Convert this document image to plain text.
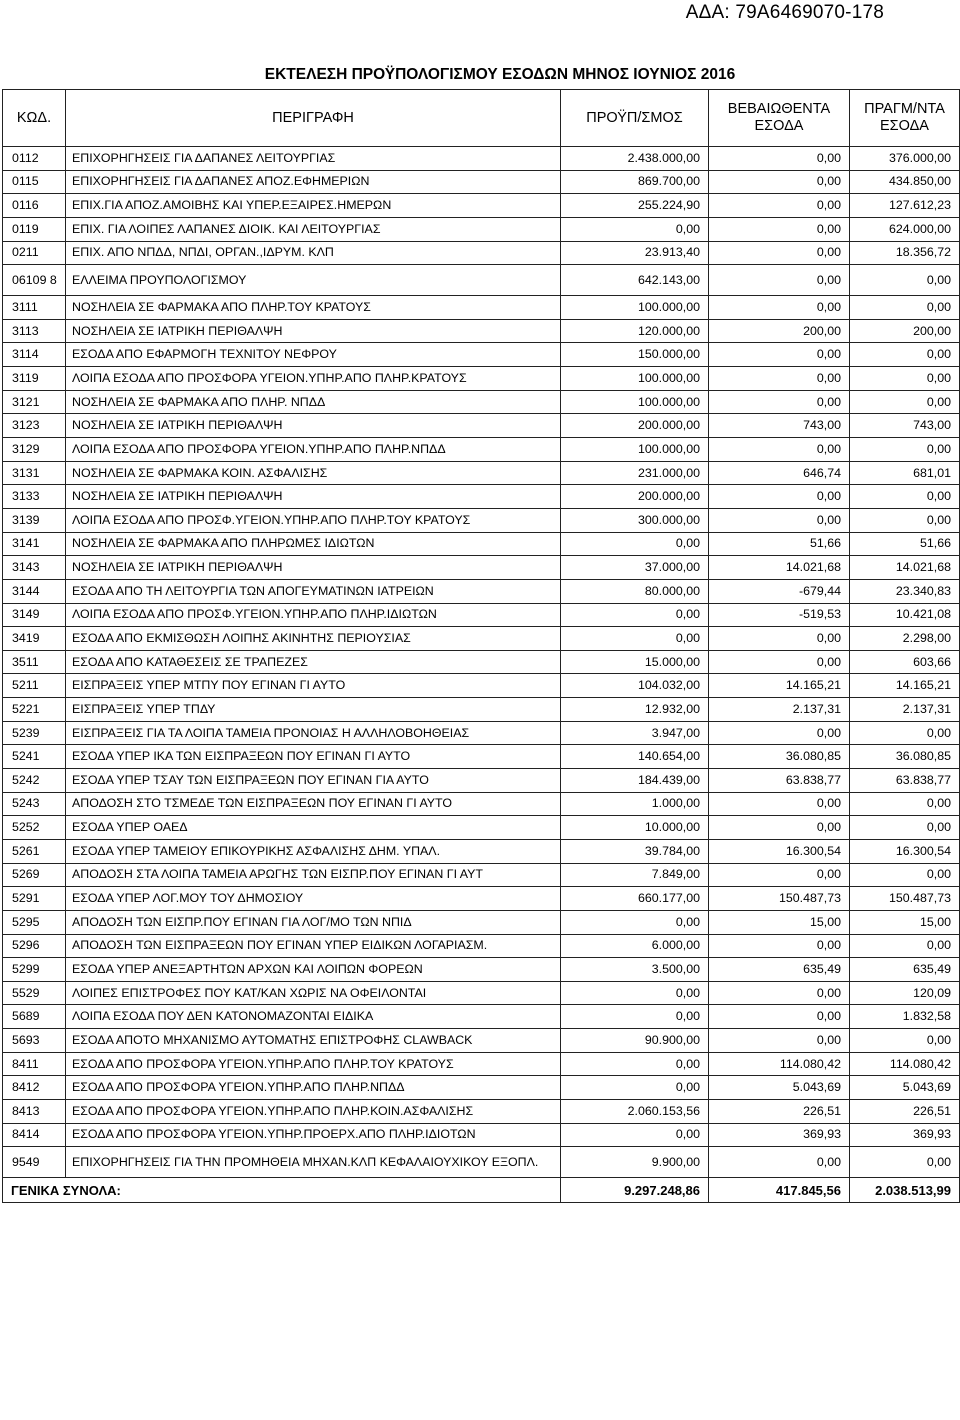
ΑΔΑ: 79Α6469070-178
ΕΚΤΕΛΕΣΗ ΠΡΟΫΠΟΛΟΓΙΣΜΟΥ ΕΣΟΔΩΝ ΜΗΝΟΣ ΙΟΥΝΙΟΣ 2016
ΚΩΔ.	ΠΕΡΙΓΡΑΦΗ	ΠΡΟΫΠ/ΣΜΟΣ	ΒΕΒΑΙΩΘΕΝΤΑ ΕΣΟΔΑ	ΠΡΑΓΜ/ΝΤΑ ΕΣΟΔΑ
0112	ΕΠΙΧΟΡΗΓΗΣΕΙΣ ΓΙΑ ΔΑΠΑΝΕΣ ΛΕΙΤΟΥΡΓΙΑΣ	2.438.000,00	0,00	376.000,00
0115	ΕΠΙΧΟΡΗΓΗΣΕΙΣ ΓΙΑ ΔΑΠΑΝΕΣ ΑΠΟΖ.ΕΦΗΜΕΡΙΩΝ	869.700,00	0,00	434.850,00
0116	ΕΠΙΧ.ΓΙΑ ΑΠΟΖ.ΑΜΟΙΒΗΣ ΚΑΙ ΥΠΕΡ.ΕΞΑΙΡΕΣ.ΗΜΕΡΩΝ	255.224,90	0,00	127.612,23
0119	ΕΠΙΧ. ΓΙΑ ΛΟΙΠΕΣ ΛΑΠΑΝΕΣ ΔΙΟΙΚ. ΚΑΙ ΛΕΙΤΟΥΡΓΙΑΣ	0,00	0,00	624.000,00
0211	ΕΠΙΧ. ΑΠΟ ΝΠΔΔ, ΝΠΔΙ, ΟΡΓΑΝ.,ΙΔΡΥΜ. ΚΛΠ	23.913,40	0,00	18.356,72
06109 8	ΕΛΛΕΙΜΑ ΠΡΟΥΠΟΛΟΓΙΣΜΟΥ	642.143,00	0,00	0,00
3111	ΝΟΣΗΛΕΙΑ ΣΕ ΦΑΡΜΑΚΑ ΑΠΟ ΠΛΗΡ.ΤΟΥ ΚΡΑΤΟΥΣ	100.000,00	0,00	0,00
3113	ΝΟΣΗΛΕΙΑ ΣΕ ΙΑΤΡΙΚΗ ΠΕΡΙΘΑΛΨΗ	120.000,00	200,00	200,00
3114	ΕΣΟΔΑ ΑΠΟ ΕΦΑΡΜΟΓΗ ΤΕΧΝΙΤΟΥ ΝΕΦΡΟΥ	150.000,00	0,00	0,00
3119	ΛΟΙΠΑ ΕΣΟΔΑ ΑΠΟ ΠΡΟΣΦΟΡΑ ΥΓΕΙΟΝ.ΥΠΗΡ.ΑΠΟ ΠΛΗΡ.ΚΡΑΤΟΥΣ	100.000,00	0,00	0,00
3121	ΝΟΣΗΛΕΙΑ ΣΕ ΦΑΡΜΑΚΑ ΑΠΟ ΠΛΗΡ. ΝΠΔΔ	100.000,00	0,00	0,00
3123	ΝΟΣΗΛΕΙΑ ΣΕ ΙΑΤΡΙΚΗ ΠΕΡΙΘΑΛΨΗ	200.000,00	743,00	743,00
3129	ΛΟΙΠΑ ΕΣΟΔΑ ΑΠΟ ΠΡΟΣΦΟΡΑ ΥΓΕΙΟΝ.ΥΠΗΡ.ΑΠΟ ΠΛΗΡ.ΝΠΔΔ	100.000,00	0,00	0,00
3131	ΝΟΣΗΛΕΙΑ ΣΕ ΦΑΡΜΑΚΑ ΚΟΙΝ. ΑΣΦΑΛΙΣΗΣ	231.000,00	646,74	681,01
3133	ΝΟΣΗΛΕΙΑ ΣΕ ΙΑΤΡΙΚΗ ΠΕΡΙΘΑΛΨΗ	200.000,00	0,00	0,00
3139	ΛΟΙΠΑ ΕΣΟΔΑ ΑΠΟ ΠΡΟΣΦ.ΥΓΕΙΟΝ.ΥΠΗΡ.ΑΠΟ ΠΛΗΡ.ΤΟΥ ΚΡΑΤΟΥΣ	300.000,00	0,00	0,00
3141	ΝΟΣΗΛΕΙΑ ΣΕ ΦΑΡΜΑΚΑ ΑΠΟ ΠΛΗΡΩΜΕΣ ΙΔΙΩΤΩΝ	0,00	51,66	51,66
3143	ΝΟΣΗΛΕΙΑ ΣΕ ΙΑΤΡΙΚΗ ΠΕΡΙΘΑΛΨΗ	37.000,00	14.021,68	14.021,68
3144	ΕΣΟΔΑ ΑΠΟ ΤΗ ΛΕΙΤΟΥΡΓΙΑ ΤΩΝ ΑΠΟΓΕΥΜΑΤΙΝΩΝ ΙΑΤΡΕΙΩΝ	80.000,00	-679,44	23.340,83
3149	ΛΟΙΠΑ ΕΣΟΔΑ ΑΠΟ ΠΡΟΣΦ.ΥΓΕΙΟΝ.ΥΠΗΡ.ΑΠΟ ΠΛΗΡ.ΙΔΙΩΤΩΝ	0,00	-519,53	10.421,08
3419	ΕΣΟΔΑ ΑΠΟ ΕΚΜΙΣΘΩΣΗ ΛΟΙΠΗΣ ΑΚΙΝΗΤΗΣ ΠΕΡΙΟΥΣΙΑΣ	0,00	0,00	2.298,00
3511	ΕΣΟΔΑ ΑΠΟ ΚΑΤΑΘΕΣΕΙΣ ΣΕ ΤΡΑΠΕΖΕΣ	15.000,00	0,00	603,66
5211	ΕΙΣΠΡΑΞΕΙΣ ΥΠΕΡ ΜΤΠΥ ΠΟΥ ΕΓΙΝΑΝ ΓΙ ΑΥΤΟ	104.032,00	14.165,21	14.165,21
5221	ΕΙΣΠΡΑΞΕΙΣ ΥΠΕΡ ΤΠΔΥ	12.932,00	2.137,31	2.137,31
5239	ΕΙΣΠΡΑΞΕΙΣ ΓΙΑ ΤΑ ΛΟΙΠΑ ΤΑΜΕΙΑ ΠΡΟΝΟΙΑΣ Η ΑΛΛΗΛΟΒΟΗΘΕΙΑΣ	3.947,00	0,00	0,00
5241	ΕΣΟΔΑ ΥΠΕΡ ΙΚΑ ΤΩΝ ΕΙΣΠΡΑΞΕΩΝ ΠΟΥ ΕΓΙΝΑΝ ΓΙ ΑΥΤΟ	140.654,00	36.080,85	36.080,85
5242	ΕΣΟΔΑ ΥΠΕΡ ΤΣΑΥ ΤΩΝ ΕΙΣΠΡΑΞΕΩΝ ΠΟΥ ΕΓΙΝΑΝ ΓΙΑ ΑΥΤΟ	184.439,00	63.838,77	63.838,77
5243	ΑΠΟΔΟΣΗ ΣΤΟ ΤΣΜΕΔΕ ΤΩΝ ΕΙΣΠΡΑΞΕΩΝ ΠΟΥ ΕΓΙΝΑΝ ΓΙ ΑΥΤΟ	1.000,00	0,00	0,00
5252	ΕΣΟΔΑ ΥΠΕΡ ΟΑΕΔ	10.000,00	0,00	0,00
5261	ΕΣΟΔΑ ΥΠΕΡ ΤΑΜΕΙΟΥ ΕΠΙΚΟΥΡΙΚΗΣ ΑΣΦΑΛΙΣΗΣ ΔΗΜ. ΥΠΑΛ.	39.784,00	16.300,54	16.300,54
5269	ΑΠΟΔΟΣΗ ΣΤΑ ΛΟΙΠΑ ΤΑΜΕΙΑ ΑΡΩΓΗΣ ΤΩΝ ΕΙΣΠΡ.ΠΟΥ ΕΓΙΝΑΝ ΓΙ ΑΥΤ	7.849,00	0,00	0,00
5291	ΕΣΟΔΑ ΥΠΕΡ ΛΟΓ.ΜΟΥ ΤΟΥ ΔΗΜΟΣΙΟΥ	660.177,00	150.487,73	150.487,73
5295	ΑΠΟΔΟΣΗ ΤΩΝ ΕΙΣΠΡ.ΠΟΥ ΕΓΙΝΑΝ ΓΙΑ ΛΟΓ/ΜΟ ΤΩΝ ΝΠΙΔ	0,00	15,00	15,00
5296	ΑΠΟΔΟΣΗ ΤΩΝ ΕΙΣΠΡΑΞΕΩΝ ΠΟΥ ΕΓΙΝΑΝ ΥΠΕΡ ΕΙΔΙΚΩΝ ΛΟΓΑΡΙΑΣΜ.	6.000,00	0,00	0,00
5299	ΕΣΟΔΑ ΥΠΕΡ ΑΝΕΞΑΡΤΗΤΩΝ ΑΡΧΩΝ ΚΑΙ ΛΟΙΠΩΝ ΦΟΡΕΩΝ	3.500,00	635,49	635,49
5529	ΛΟΙΠΕΣ ΕΠΙΣΤΡΟΦΕΣ ΠΟΥ ΚΑΤ/ΚΑΝ ΧΩΡΙΣ ΝΑ ΟΦΕΙΛΟΝΤΑΙ	0,00	0,00	120,09
5689	ΛΟΙΠΑ ΕΣΟΔΑ ΠΟΥ ΔΕΝ ΚΑΤΟΝΟΜΑΖΟΝΤΑΙ ΕΙΔΙΚΑ	0,00	0,00	1.832,58
5693	ΕΣΟΔΑ ΑΠΟΤΟ ΜΗΧΑΝΙΣΜΟ ΑΥΤΟΜΑΤΗΣ ΕΠΙΣΤΡΟΦΗΣ CLAWBACK	90.900,00	0,00	0,00
8411	ΕΣΟΔΑ ΑΠΟ ΠΡΟΣΦΟΡΑ ΥΓΕΙΟΝ.ΥΠΗΡ.ΑΠΟ ΠΛΗΡ.ΤΟΥ ΚΡΑΤΟΥΣ	0,00	114.080,42	114.080,42
8412	ΕΣΟΔΑ ΑΠΟ ΠΡΟΣΦΟΡΑ ΥΓΕΙΟΝ.ΥΠΗΡ.ΑΠΟ ΠΛΗΡ.ΝΠΔΔ	0,00	5.043,69	5.043,69
8413	ΕΣΟΔΑ ΑΠΟ ΠΡΟΣΦΟΡΑ ΥΓΕΙΟΝ.ΥΠΗΡ.ΑΠΟ ΠΛΗΡ.ΚΟΙΝ.ΑΣΦΑΛΙΣΗΣ	2.060.153,56	226,51	226,51
8414	ΕΣΟΔΑ ΑΠΟ ΠΡΟΣΦΟΡΑ ΥΓΕΙΟΝ.ΥΠΗΡ.ΠΡΟΕΡΧ.ΑΠΟ ΠΛΗΡ.ΙΔΙΟΤΩΝ	0,00	369,93	369,93
9549	ΕΠΙΧΟΡΗΓΗΣΕΙΣ ΓΙΑ ΤΗΝ ΠΡΟΜΗΘΕΙΑ ΜΗΧΑΝ.ΚΛΠ ΚΕΦΑΛΑΙΟΥΧΙΚΟΥ ΕΞΟΠΛ.	9.900,00	0,00	0,00
ΓΕΝΙΚΑ ΣΥΝΟΛΑ:		9.297.248,86	417.845,56	2.038.513,99
